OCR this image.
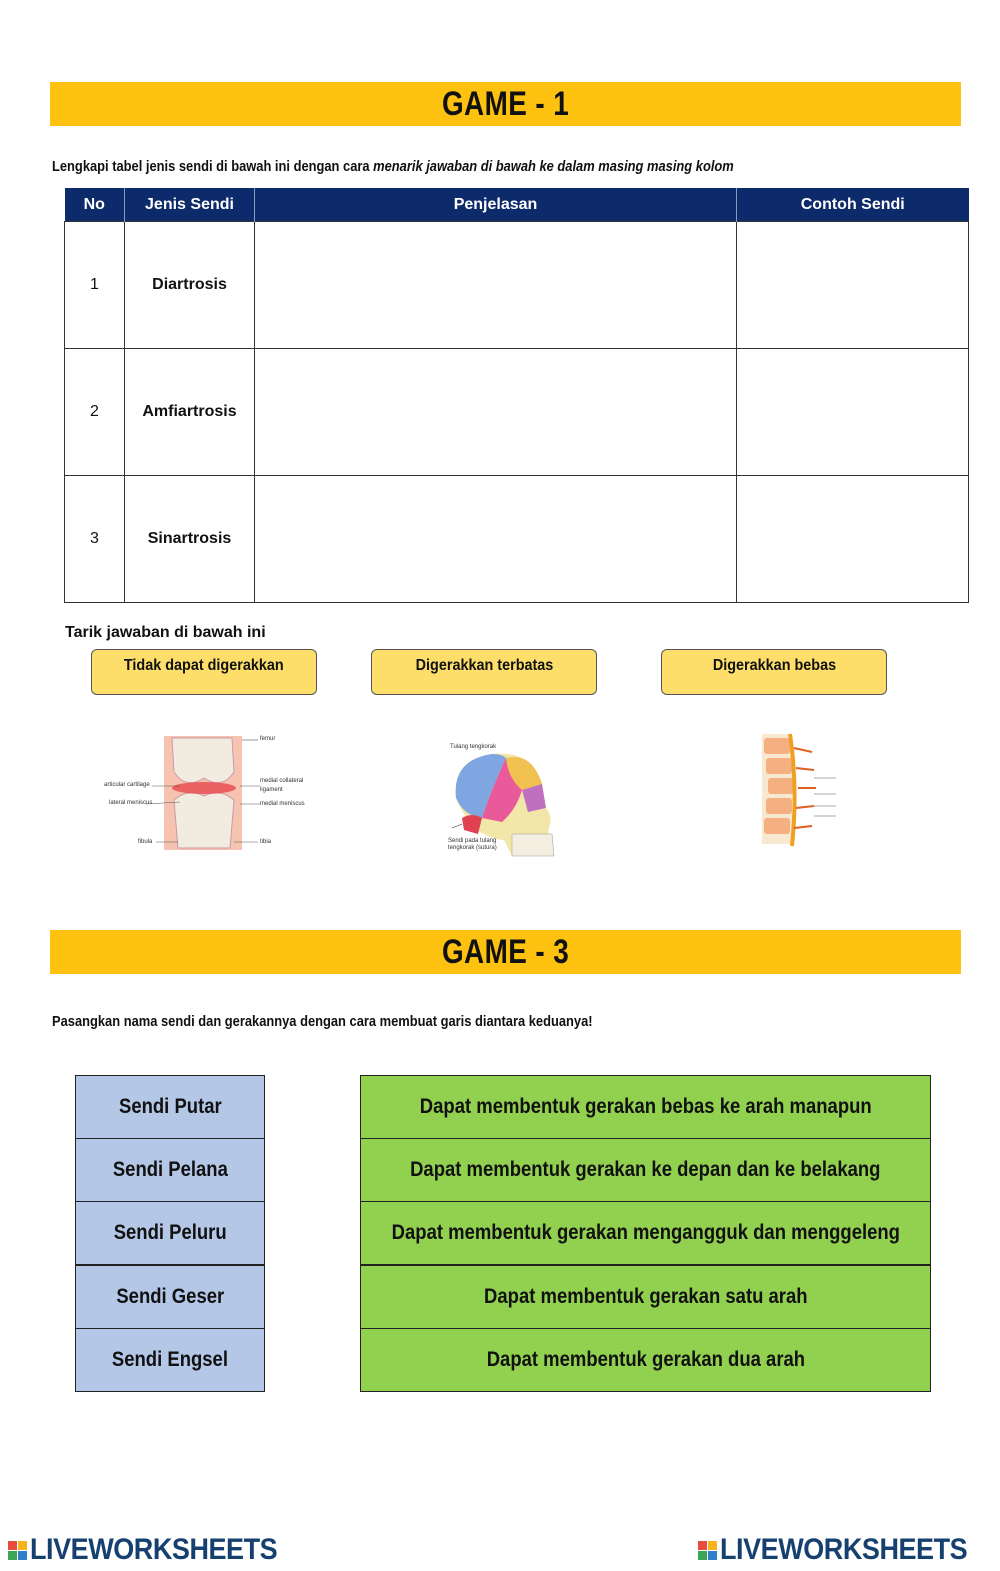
GAME - 1
Lengkapi tabel jenis sendi di bawah ini dengan cara menarik jawaban di bawah ke dalam masing masing kolom
No	Jenis Sendi	Penjelasan	Contoh Sendi
1	Diartrosis		
2	Amfiartrosis		
3	Sinartrosis		
Tarik jawaban di bawah ini
Tidak dapat digerakkan	Digerakkan terbatas	Digerakkan bebas
femur
articular cartilage
medial collateral
ligament
lateral meniscus	medial meniscus
fibula	tibia
Tulang tengkorak
Sendi pada tulang
tengkorak (sutura)
GAME - 3
Pasangkan nama sendi dan gerakannya dengan cara membuat garis diantara keduanya!
Sendi Putar
Sendi Pelana
Sendi Peluru
Sendi Geser
Sendi Engsel
Dapat membentuk gerakan bebas ke arah manapun
Dapat membentuk gerakan ke depan dan ke belakang
Dapat membentuk gerakan mengangguk dan menggeleng
Dapat membentuk gerakan satu arah
Dapat membentuk gerakan dua arah
LIVEWORKSHEETS	LIVEWORKSHEETS
